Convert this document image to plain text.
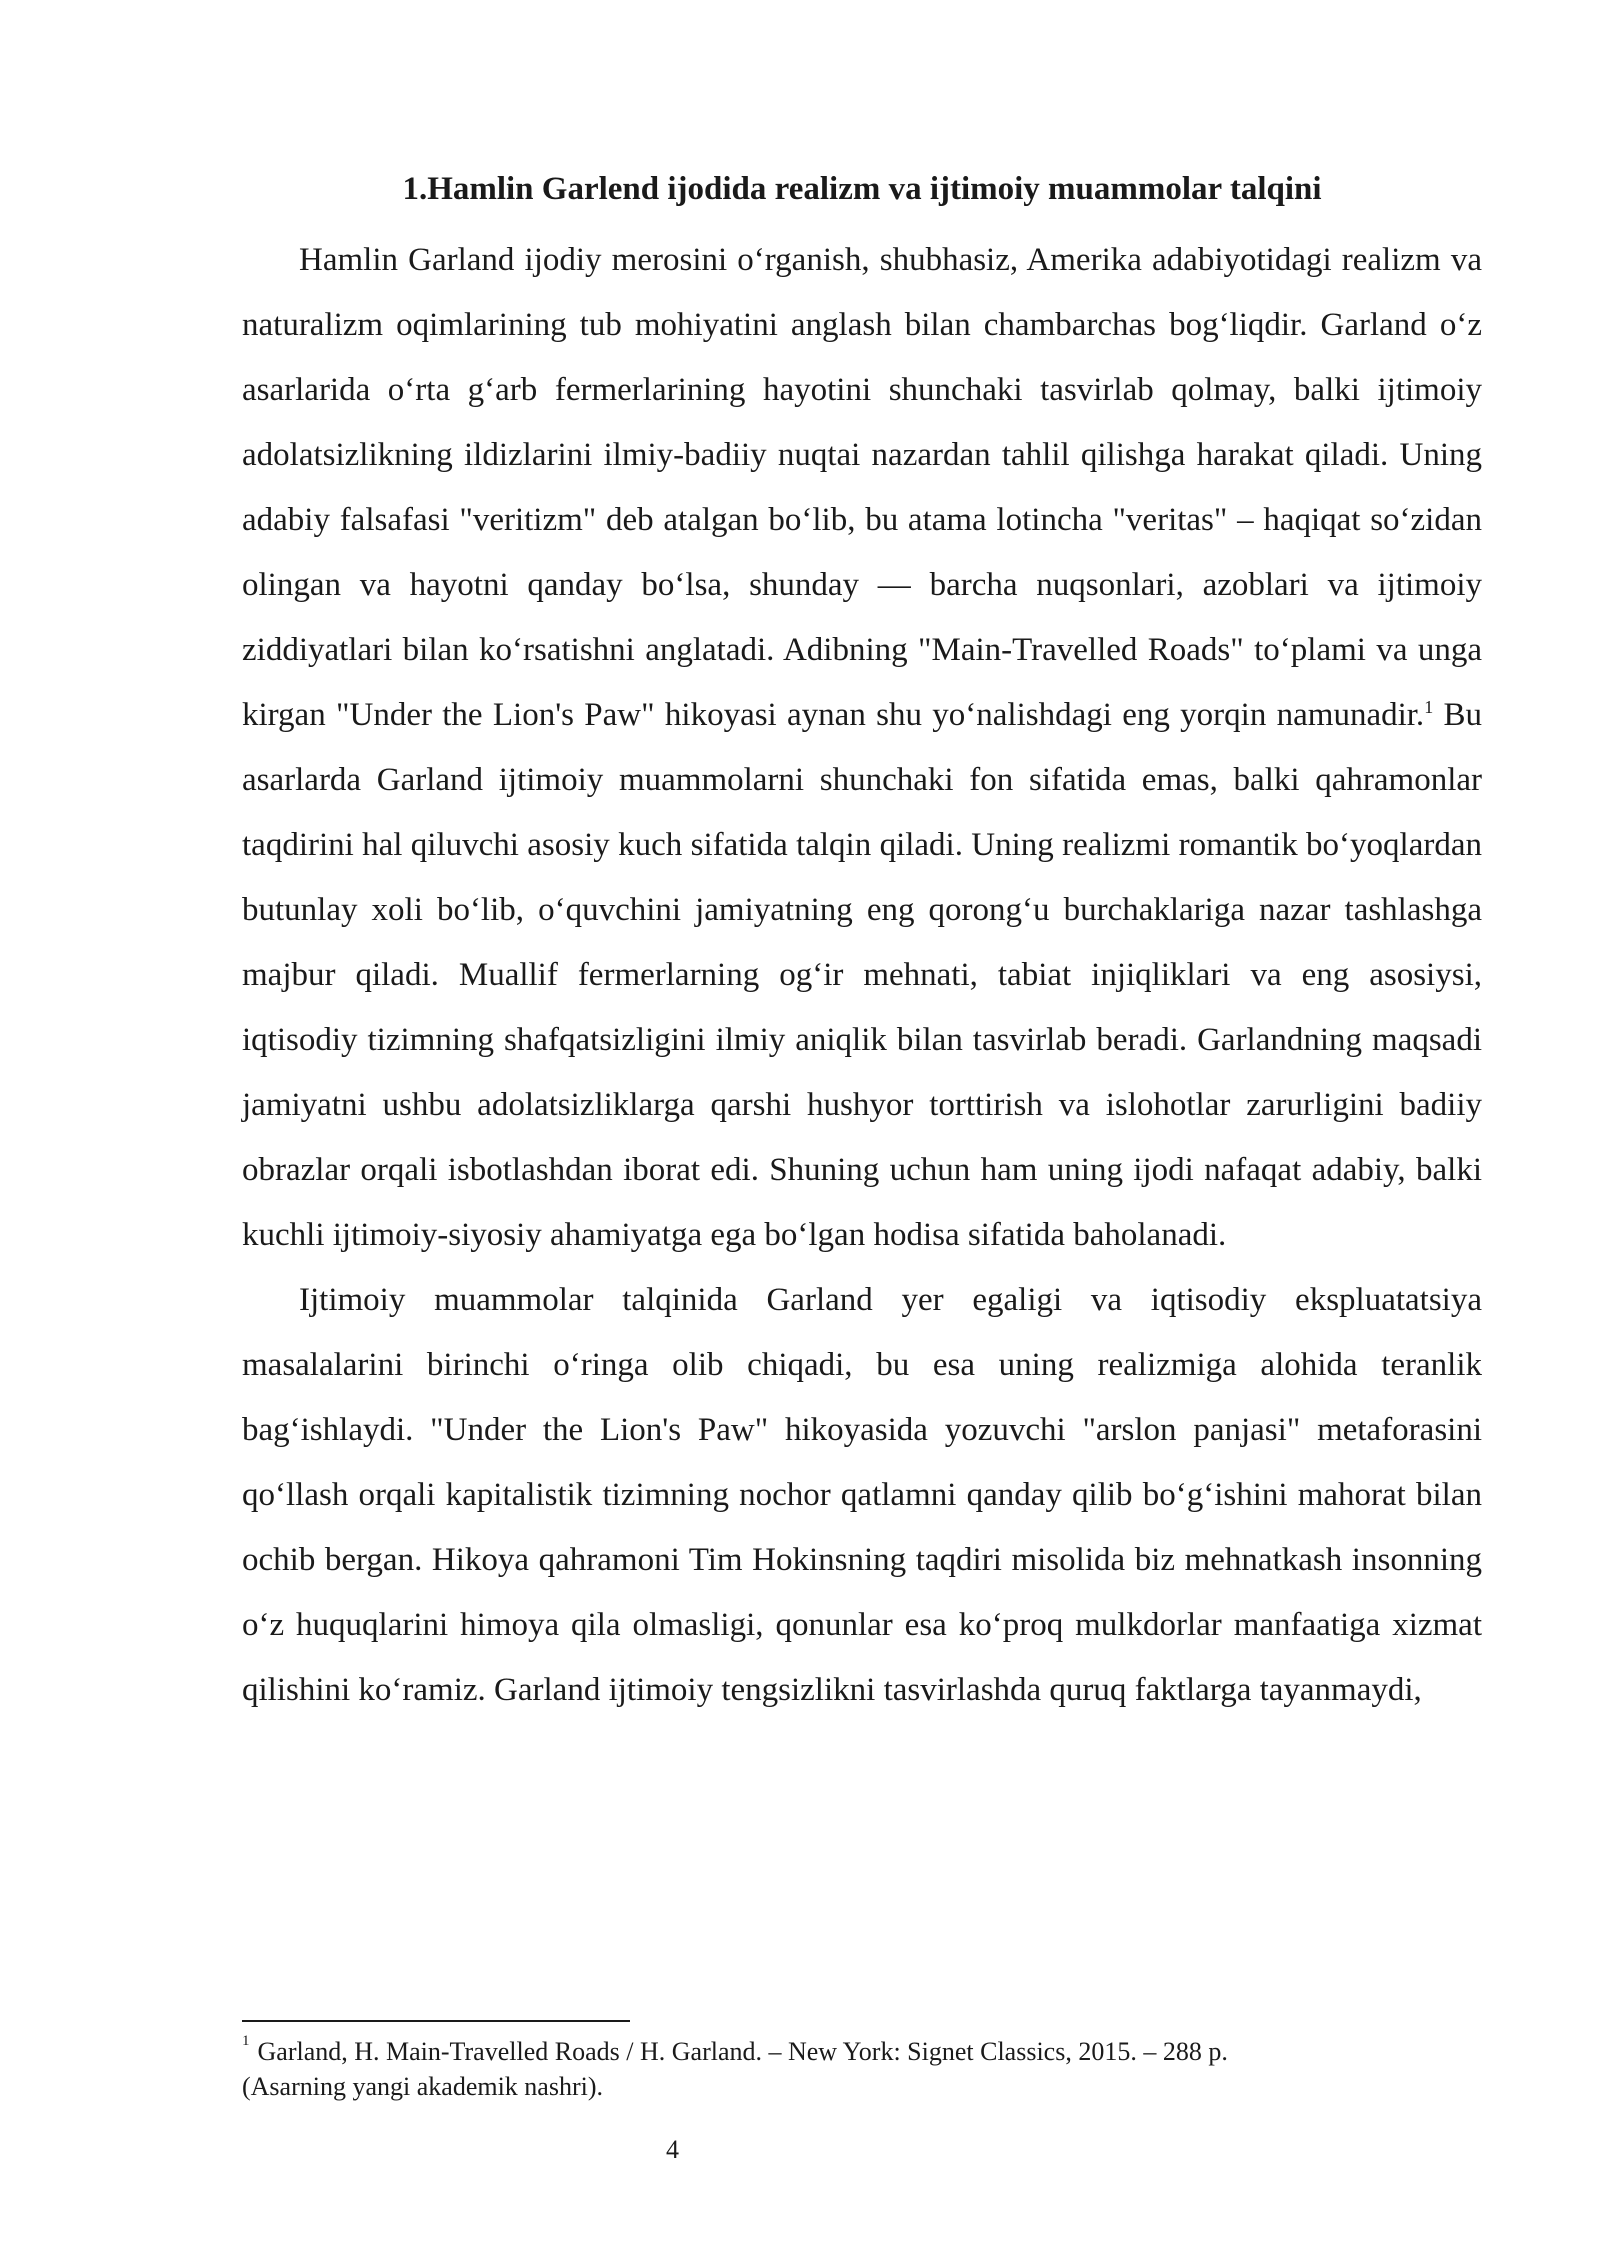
1.Hamlin Garlend ijodida realizm va ijtimoiy muammolar talqini

Hamlin Garland ijodiy merosini o‘rganish, shubhasiz, Amerika adabiyotidagi realizm va naturalizm oqimlarining tub mohiyatini anglash bilan chambarchas bog‘liqdir. Garland o‘z asarlarida o‘rta g‘arb fermerlarining hayotini shunchaki tasvirlab qolmay, balki ijtimoiy adolatsizlikning ildizlarini ilmiy-badiiy nuqtai nazardan tahlil qilishga harakat qiladi. Uning adabiy falsafasi "veritizm" deb atalgan bo‘lib, bu atama lotincha "veritas" – haqiqat so‘zidan olingan va hayotni qanday bo‘lsa, shunday — barcha nuqsonlari, azoblari va ijtimoiy ziddiyatlari bilan ko‘rsatishni anglatadi. Adibning "Main-Travelled Roads" to‘plami va unga kirgan "Under the Lion's Paw" hikoyasi aynan shu yo‘nalishdagi eng yorqin namunadir.$^1$ Bu asarlarda Garland ijtimoiy muammolarni shunchaki fon sifatida emas, balki qahramonlar taqdirini hal qiluvchi asosiy kuch sifatida talqin qiladi. Uning realizmi romantik bo‘yoqlardan butunlay xoli bo‘lib, o‘quvchini jamiyatning eng qorong‘u burchaklariga nazar tashlashga majbur qiladi. Muallif fermerlarning og‘ir mehnati, tabiat injiqliklari va eng asosiysi, iqtisodiy tizimning shafqatsizligini ilmiy aniqlik bilan tasvirlab beradi. Garlandning maqsadi jamiyatni ushbu adolatsizliklarga qarshi hushyor torttirish va islohotlar zarurligini badiiy obrazlar orqali isbotlashdan iborat edi. Shuning uchun ham uning ijodi nafaqat adabiy, balki kuchli ijtimoiy-siyosiy ahamiyatga ega bo‘lgan hodisa sifatida baholanadi.

Ijtimoiy muammolar talqinida Garland yer egaligi va iqtisodiy ekspluatatsiya masalalarini birinchi o‘ringa olib chiqadi, bu esa uning realizmiga alohida teranlik bag‘ishlaydi. "Under the Lion's Paw" hikoyasida yozuvchi "arslon panjasi" metaforasini qo‘llash orqali kapitalistik tizimning nochor qatlamni qanday qilib bo‘g‘ishini mahorat bilan ochib bergan. Hikoya qahramoni Tim Hokinsning taqdiri misolida biz mehnatkash insonning o‘z huquqlarini himoya qila olmasligi, qonunlar esa ko‘proq mulkdorlar manfaatiga xizmat qilishini ko‘ramiz. Garland ijtimoiy tengsizlikni tasvirlashda quruq faktlarga tayanmaydi,

$^1$ Garland, H. Main-Travelled Roads / H. Garland. – New York: Signet Classics, 2015. – 288 p.
(Asarning yangi akademik nashri).
4
